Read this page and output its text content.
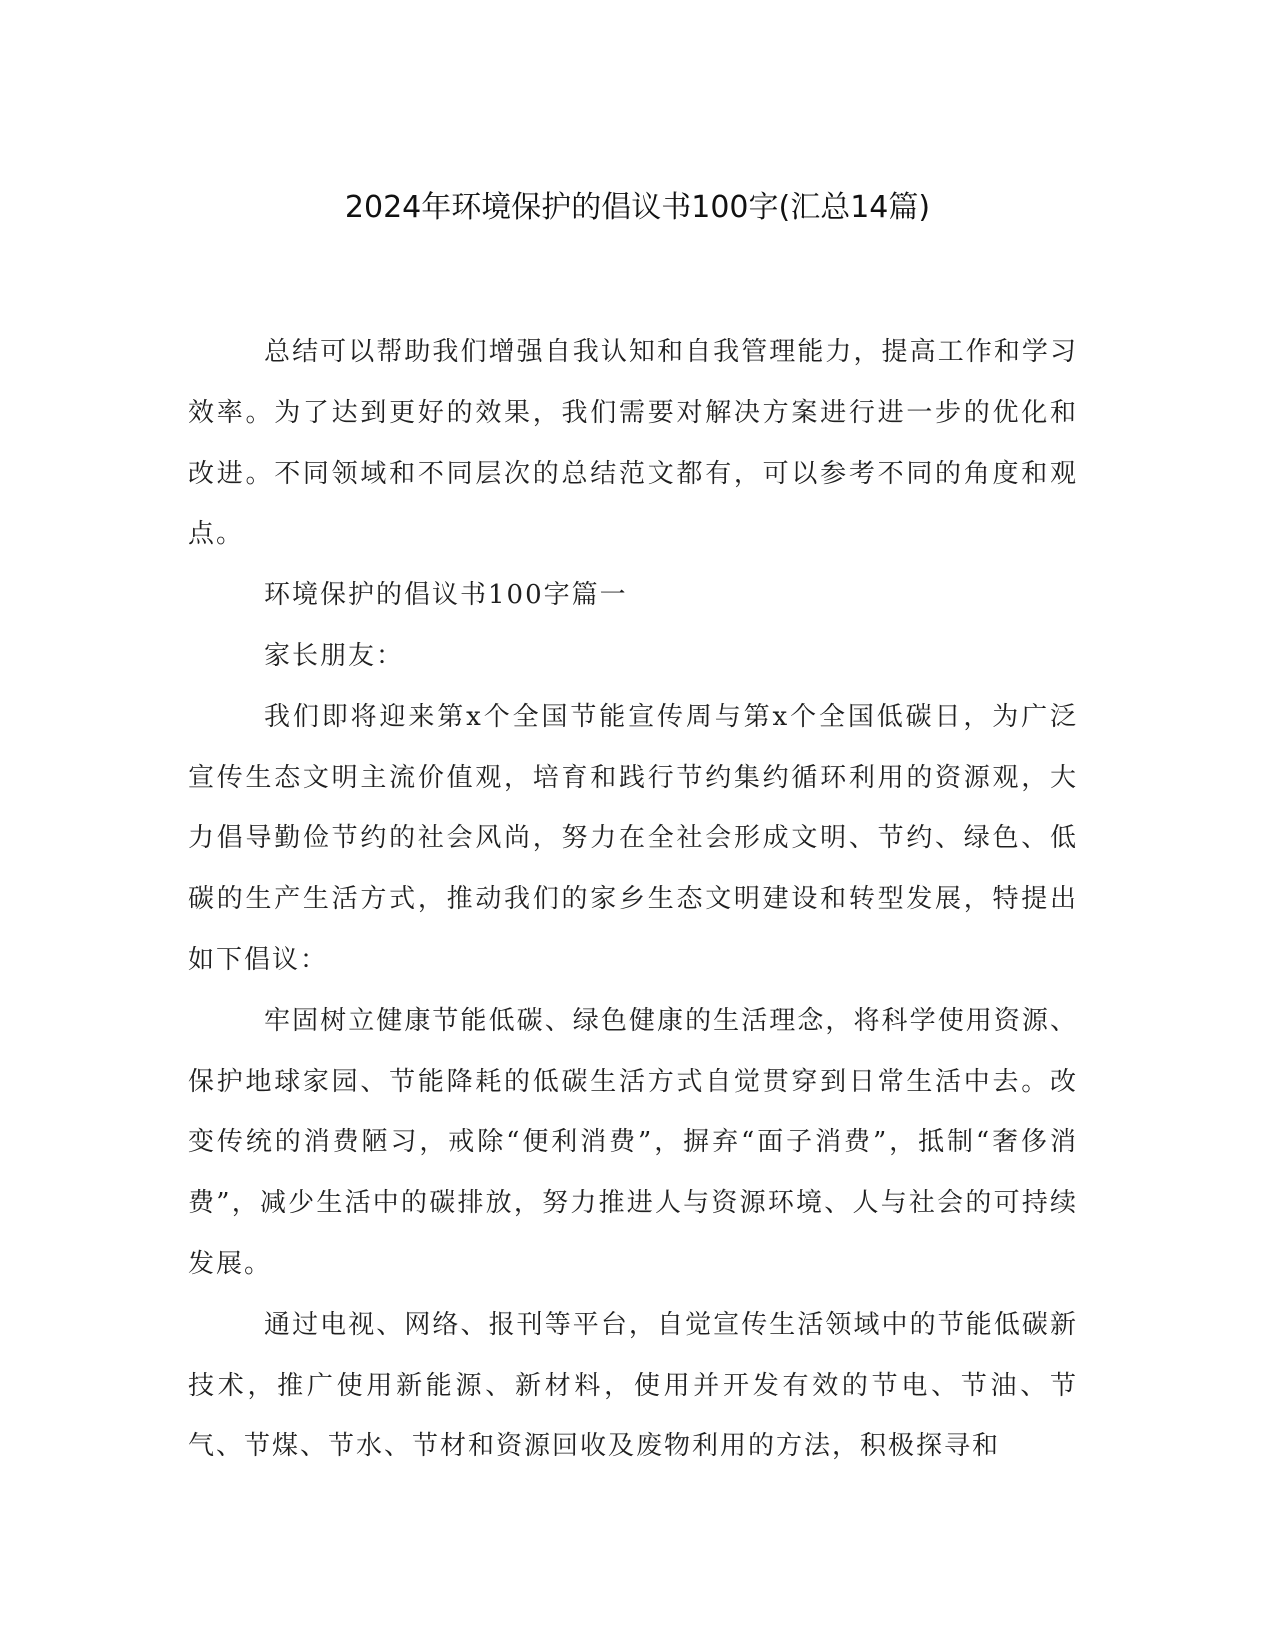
2024年环境保护的倡议书100字(汇总14篇)

总结可以帮助我们增强自我认知和自我管理能力，提高工作和学习效率。为了达到更好的效果，我们需要对解决方案进行进一步的优化和改进。不同领域和不同层次的总结范文都有，可以参考不同的角度和观点。

环境保护的倡议书100字篇一

家长朋友：

我们即将迎来第x个全国节能宣传周与第x个全国低碳日，为广泛宣传生态文明主流价值观，培育和践行节约集约循环利用的资源观，大力倡导勤俭节约的社会风尚，努力在全社会形成文明、节约、绿色、低碳的生产生活方式，推动我们的家乡生态文明建设和转型发展，特提出如下倡议：

牢固树立健康节能低碳、绿色健康的生活理念，将科学使用资源、保护地球家园、节能降耗的低碳生活方式自觉贯穿到日常生活中去。改变传统的消费陋习，戒除“便利消费”，摒弃“面子消费”，抵制“奢侈消费”，减少生活中的碳排放，努力推进人与资源环境、人与社会的可持续发展。

通过电视、网络、报刊等平台，自觉宣传生活领域中的节能低碳新技术，推广使用新能源、新材料，使用并开发有效的节电、节油、节气、节煤、节水、节材和资源回收及废物利用的方法，积极探寻和
